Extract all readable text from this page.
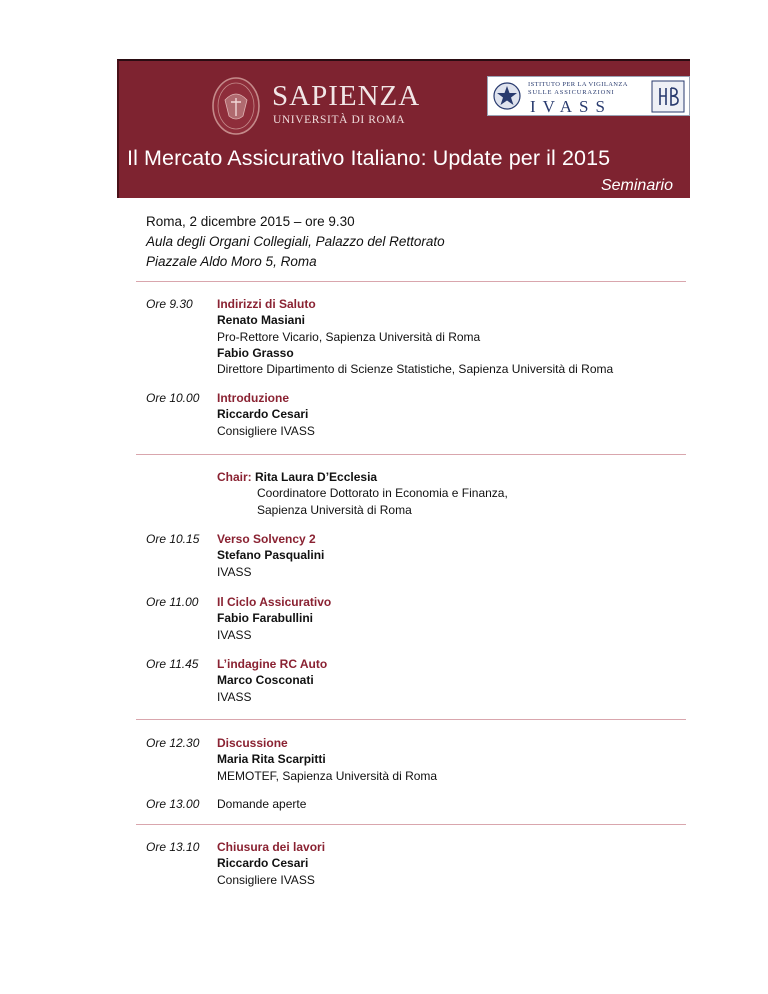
SAPIENZA
UNIVERSITÀ DI ROMA
ISTITUTO PER LA VIGILANZA
SULLE ASSICURAZIONI
IVASS
Il Mercato Assicurativo Italiano: Update per il 2015
Seminario
Roma, 2 dicembre 2015 – ore 9.30
Aula degli Organi Collegiali, Palazzo del Rettorato
Piazzale Aldo Moro 5, Roma
Ore 9.30	Indirizzi di Saluto
Renato Masiani
Pro-Rettore Vicario, Sapienza Università di Roma
Fabio Grasso
Direttore Dipartimento di Scienze Statistiche, Sapienza Università di Roma
Ore 10.00	Introduzione
Riccardo Cesari
Consigliere IVASS
Chair: Rita Laura D’Ecclesia
Coordinatore Dottorato in Economia e Finanza,
Sapienza Università di Roma
Ore 10.15	Verso Solvency 2
Stefano Pasqualini
IVASS
Ore 11.00	Il Ciclo Assicurativo
Fabio Farabullini
IVASS
Ore 11.45	L’indagine RC Auto
Marco Cosconati
IVASS
Ore 12.30	Discussione
Maria Rita Scarpitti
MEMOTEF, Sapienza Università di Roma
Ore 13.00	Domande aperte
Ore 13.10	Chiusura dei lavori
Riccardo Cesari
Consigliere IVASS
